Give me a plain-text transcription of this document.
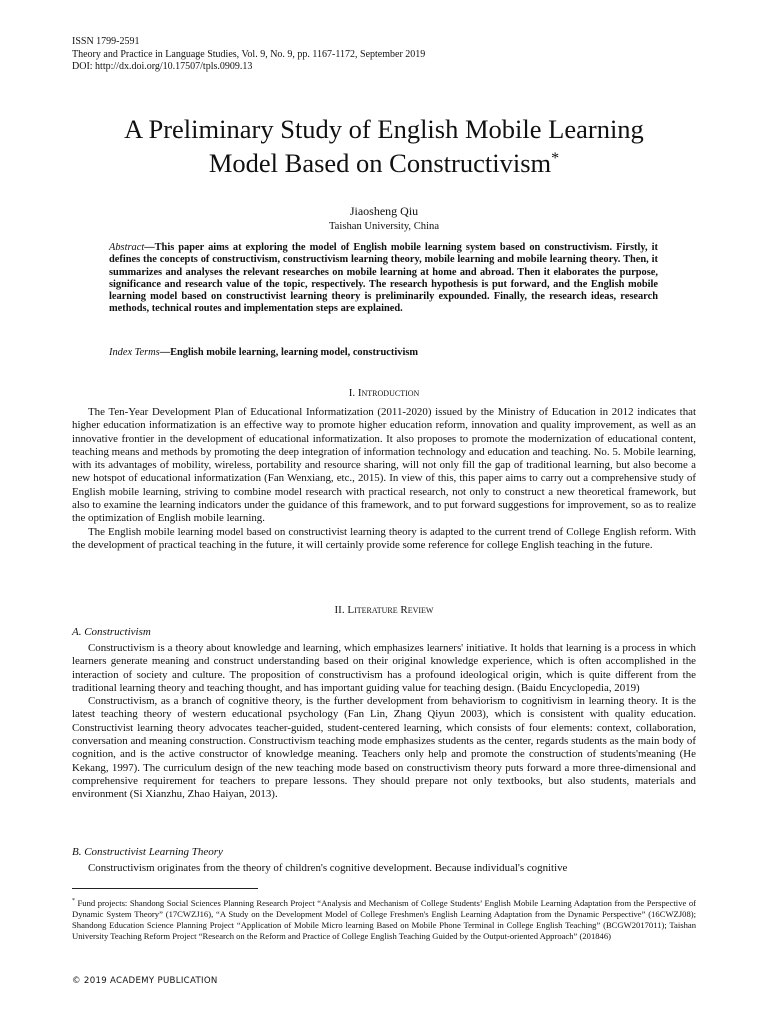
ISSN 1799-2591
Theory and Practice in Language Studies, Vol. 9, No. 9, pp. 1167-1172, September 2019
DOI: http://dx.doi.org/10.17507/tpls.0909.13
A Preliminary Study of English Mobile Learning
Model Based on Constructivism*
Jiaosheng Qiu
Taishan University, China
Abstract—This paper aims at exploring the model of English mobile learning system based on constructivism. Firstly, it defines the concepts of constructivism, constructivism learning theory, mobile learning and mobile learning theory. Then, it summarizes and analyses the relevant researches on mobile learning at home and abroad. Then it elaborates the purpose, significance and research value of the topic, respectively. The research hypothesis is put forward, and the English mobile learning model based on constructivist learning theory is preliminarily expounded. Finally, the research ideas, research methods, technical routes and implementation steps are explained.
Index Terms—English mobile learning, learning model, constructivism
I. Introduction

The Ten-Year Development Plan of Educational Informatization (2011-2020) issued by the Ministry of Education in 2012 indicates that higher education informatization is an effective way to promote higher education reform, innovation and quality improvement, as well as an innovative frontier in the development of educational informatization. It also proposes to promote the modernization of educational content, teaching means and methods by promoting the deep integration of information technology and education and teaching. No. 5. Mobile learning, with its advantages of mobility, wireless, portability and resource sharing, will not only fill the gap of traditional learning, but also become a new hotspot of educational informatization (Fan Wenxiang, etc., 2015). In view of this, this paper aims to carry out a comprehensive study of English mobile learning, striving to combine model research with practical research, not only to construct a new theoretical framework, but also to examine the learning indicators under the guidance of this framework, and to put forward suggestions for improvement, so as to realize the optimization of English mobile learning.

The English mobile learning model based on constructivist learning theory is adapted to the current trend of College English reform. With the development of practical teaching in the future, it will certainly provide some reference for college English teaching in the future.

II. Literature Review
A. Constructivism

Constructivism is a theory about knowledge and learning, which emphasizes learners' initiative. It holds that learning is a process in which learners generate meaning and construct understanding based on their original knowledge experience, which is often accomplished in the interaction of society and culture. The proposition of constructivism has a profound ideological origin, which is quite different from the traditional learning theory and teaching thought, and has important guiding value for teaching design. (Baidu Encyclopedia, 2019)

Constructivism, as a branch of cognitive theory, is the further development from behaviorism to cognitivism in learning theory. It is the latest teaching theory of western educational psychology (Fan Lin, Zhang Qiyun 2003), which is consistent with quality education. Constructivist learning theory advocates teacher-guided, student-centered learning, which consists of four elements: context, collaboration, conversation and meaning construction. Constructivism teaching mode emphasizes students as the center, regards students as the main body of cognition, and is the active constructor of knowledge meaning. Teachers only help and promote the construction of students'meaning (He Kekang, 1997). The curriculum design of the new teaching mode based on constructivism theory puts forward a more three-dimensional and comprehensive requirement for teachers to prepare lessons. They should prepare not only textbooks, but also students, materials and environment (Si Xianzhu, Zhao Haiyan, 2013).

B. Constructivist Learning Theory

Constructivism originates from the theory of children's cognitive development. Because individual's cognitive

* Fund projects: Shandong Social Sciences Planning Research Project “Analysis and Mechanism of College Students’ English Mobile Learning Adaptation from the Perspective of Dynamic System Theory” (17CWZJ16), “A Study on the Development Model of College Freshmen's English Learning Adaptation from the Dynamic Perspective” (16CWZJ08); Shandong Education Science Planning Project “Application of Mobile Micro learning Based on Mobile Phone Terminal in College English Teaching” (BCGW2017011); Taishan University Teaching Reform Project “Research on the Reform and Practice of College English Teaching Guided by the Output-oriented Approach” (201846)
© 2019 ACADEMY PUBLICATION
